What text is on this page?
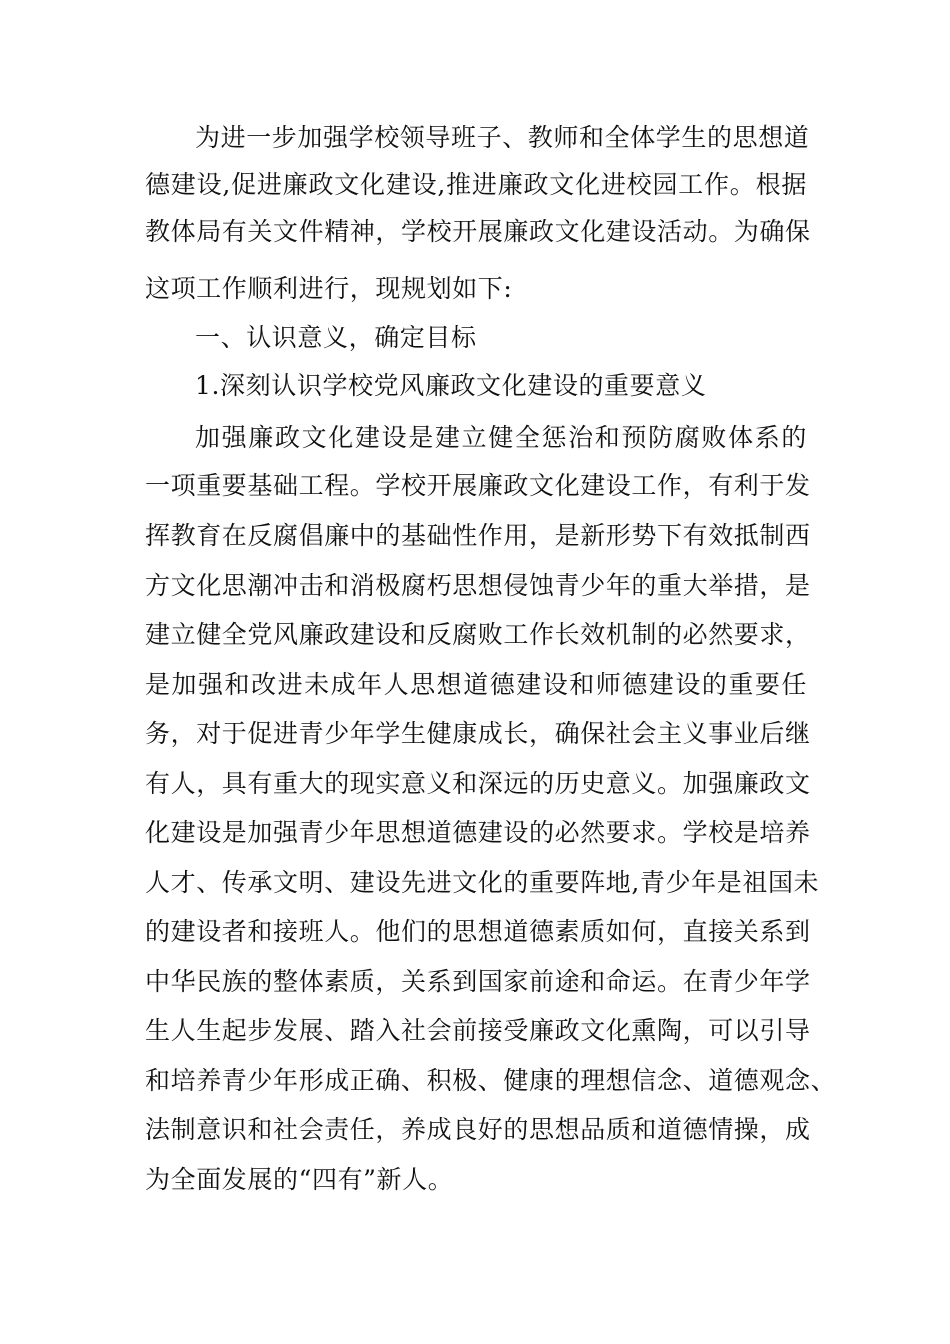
为进一步加强学校领导班子、教师和全体学生的思想道
德建设,促进廉政文化建设,推进廉政文化进校园工作。根据
教体局有关文件精神，学校开展廉政文化建设活动。为确保
这项工作顺利进行，现规划如下:
一、认识意义，确定目标
1.深刻认识学校党风廉政文化建设的重要意义
加强廉政文化建设是建立健全惩治和预防腐败体系的
一项重要基础工程。学校开展廉政文化建设工作，有利于发
挥教育在反腐倡廉中的基础性作用，是新形势下有效抵制西
方文化思潮冲击和消极腐朽思想侵蚀青少年的重大举措，是
建立健全党风廉政建设和反腐败工作长效机制的必然要求，
是加强和改进未成年人思想道德建设和师德建设的重要任
务，对于促进青少年学生健康成长，确保社会主义事业后继
有人，具有重大的现实意义和深远的历史意义。加强廉政文
化建设是加强青少年思想道德建设的必然要求。学校是培养
人才、传承文明、建设先进文化的重要阵地,青少年是祖国未
的建设者和接班人。他们的思想道德素质如何，直接关系到
中华民族的整体素质，关系到国家前途和命运。在青少年学
生人生起步发展、踏入社会前接受廉政文化熏陶，可以引导
和培养青少年形成正确、积极、健康的理想信念、道德观念、
法制意识和社会责任，养成良好的思想品质和道德情操，成
为全面发展的“四有”新人。
